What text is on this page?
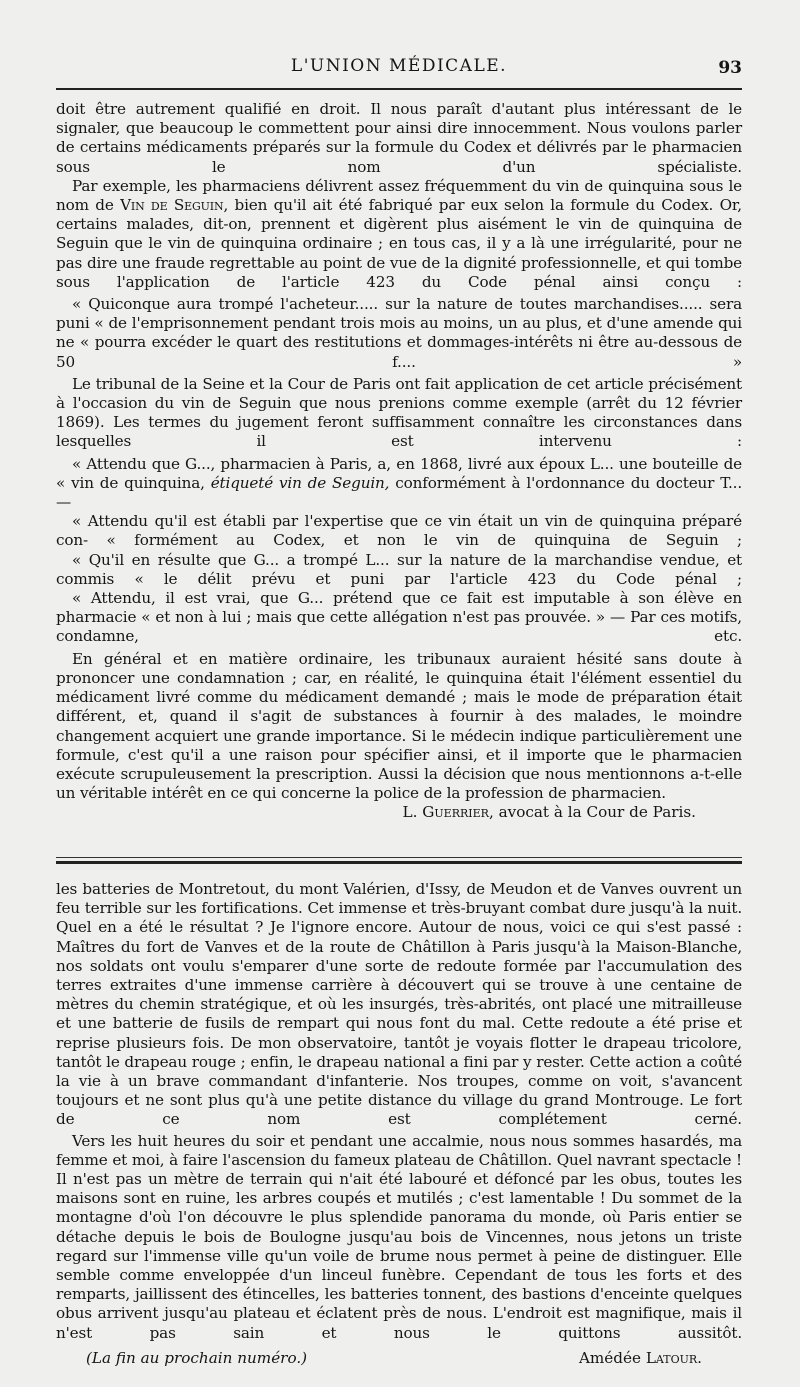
L'UNION MÉDICALE.	93

doit être autrement qualifié en droit. Il nous paraît d'autant plus intéressant de le signaler, que beaucoup le commettent pour ainsi dire innocemment. Nous voulons parler de certains médicaments préparés sur la formule du Codex et délivrés par le pharmacien sous le nom d'un spécialiste.

Par exemple, les pharmaciens délivrent assez fréquemment du vin de quinquina sous le nom de Vin de Seguin, bien qu'il ait été fabriqué par eux selon la formule du Codex. Or, certains malades, dit-on, prennent et digèrent plus aisément le vin de quinquina de Seguin que le vin de quinquina ordinaire ; en tous cas, il y a là une irrégularité, pour ne pas dire une fraude regrettable au point de vue de la dignité professionnelle, et qui tombe sous l'application de l'article 423 du Code pénal ainsi conçu :

« Quiconque aura trompé l'acheteur..... sur la nature de toutes marchandises..... sera puni « de l'emprisonnement pendant trois mois au moins, un au plus, et d'une amende qui ne « pourra excéder le quart des restitutions et dommages-intérêts ni être au-dessous de 50 f.... »

Le tribunal de la Seine et la Cour de Paris ont fait application de cet article précisément à l'occasion du vin de Seguin que nous prenions comme exemple (arrêt du 12 février 1869). Les termes du jugement feront suffisamment connaître les circonstances dans lesquelles il est intervenu :

« Attendu que G..., pharmacien à Paris, a, en 1868, livré aux époux L... une bouteille de « vin de quinquina, étiqueté vin de Seguin, conformément à l'ordonnance du docteur T... —

« Attendu qu'il est établi par l'expertise que ce vin était un vin de quinquina préparé con- « formément au Codex, et non le vin de quinquina de Seguin ;

« Qu'il en résulte que G... a trompé L... sur la nature de la marchandise vendue, et commis « le délit prévu et puni par l'article 423 du Code pénal ;

« Attendu, il est vrai, que G... prétend que ce fait est imputable à son élève en pharmacie « et non à lui ; mais que cette allégation n'est pas prouvée. » — Par ces motifs, condamne, etc.

En général et en matière ordinaire, les tribunaux auraient hésité sans doute à prononcer une condamnation ; car, en réalité, le quinquina était l'élément essentiel du médicament livré comme du médicament demandé ; mais le mode de préparation était différent, et, quand il s'agit de substances à fournir à des malades, le moindre changement acquiert une grande importance. Si le médecin indique particulièrement une formule, c'est qu'il a une raison pour spécifier ainsi, et il importe que le pharmacien exécute scrupuleusement la prescription. Aussi la décision que nous mentionnons a-t-elle un véritable intérêt en ce qui concerne la police de la profession de pharmacien.

L. Guerrier, avocat à la Cour de Paris.

les batteries de Montretout, du mont Valérien, d'Issy, de Meudon et de Vanves ouvrent un feu terrible sur les fortifications. Cet immense et très-bruyant combat dure jusqu'à la nuit. Quel en a été le résultat ? Je l'ignore encore. Autour de nous, voici ce qui s'est passé : Maîtres du fort de Vanves et de la route de Châtillon à Paris jusqu'à la Maison-Blanche, nos soldats ont voulu s'emparer d'une sorte de redoute formée par l'accumulation des terres extraites d'une immense carrière à découvert qui se trouve à une centaine de mètres du chemin stratégique, et où les insurgés, très-abrités, ont placé une mitrailleuse et une batterie de fusils de rempart qui nous font du mal. Cette redoute a été prise et reprise plusieurs fois. De mon observatoire, tantôt je voyais flotter le drapeau tricolore, tantôt le drapeau rouge ; enfin, le drapeau national a fini par y rester. Cette action a coûté la vie à un brave commandant d'infanterie. Nos troupes, comme on voit, s'avancent toujours et ne sont plus qu'à une petite distance du village du grand Montrouge. Le fort de ce nom est complétement cerné.

Vers les huit heures du soir et pendant une accalmie, nous nous sommes hasardés, ma femme et moi, à faire l'ascension du fameux plateau de Châtillon. Quel navrant spectacle ! Il n'est pas un mètre de terrain qui n'ait été labouré et défoncé par les obus, toutes les maisons sont en ruine, les arbres coupés et mutilés ; c'est lamentable ! Du sommet de la montagne d'où l'on découvre le plus splendide panorama du monde, où Paris entier se détache depuis le bois de Boulogne jusqu'au bois de Vincennes, nous jetons un triste regard sur l'immense ville qu'un voile de brume nous permet à peine de distinguer. Elle semble comme enveloppée d'un linceul funèbre. Cependant de tous les forts et des remparts, jaillissent des étincelles, les batteries tonnent, des bastions d'enceinte quelques obus arrivent jusqu'au plateau et éclatent près de nous. L'endroit est magnifique, mais il n'est pas sain et nous le quittons aussitôt.

(La fin au prochain numéro.)	Amédée Latour.
